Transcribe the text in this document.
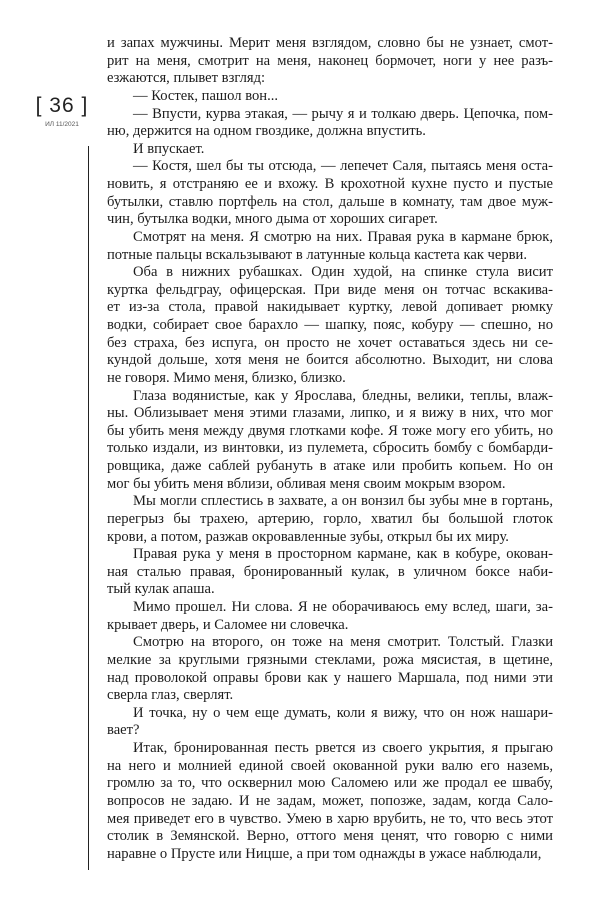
[ 36 ]
ИЛ 11/2021
и запах мужчины. Мерит меня взглядом, словно бы не узнает, смот-
рит на меня, смотрит на меня, наконец бормочет, ноги у нее разъ-
езжаются, плывет взгляд:
— Костек, пашол вон...
— Впусти, курва этакая, — рычу я и толкаю дверь. Цепочка, пом-
ню, держится на одном гвоздике, должна впустить.
И впускает.
— Костя, шел бы ты отсюда, — лепечет Саля, пытаясь меня оста-
новить, я отстраняю ее и вхожу. В крохотной кухне пусто и пустые
бутылки, ставлю портфель на стол, дальше в комнату, там двое муж-
чин, бутылка водки, много дыма от хороших сигарет.
Смотрят на меня. Я смотрю на них. Правая рука в кармане брюк,
потные пальцы вскальзывают в латунные кольца кастета как черви.
Оба в нижних рубашках. Один худой, на спинке стула висит
куртка фельдграу, офицерская. При виде меня он тотчас вскакива-
ет из-за стола, правой накидывает куртку, левой допивает рюмку
водки, собирает свое барахло — шапку, пояс, кобуру — спешно, но
без страха, без испуга, он просто не хочет оставаться здесь ни се-
кундой дольше, хотя меня не боится абсолютно. Выходит, ни слова
не говоря. Мимо меня, близко, близко.
Глаза водянистые, как у Ярослава, бледны, велики, теплы, влаж-
ны. Облизывает меня этими глазами, липко, и я вижу в них, что мог
бы убить меня между двумя глотками кофе. Я тоже могу его убить, но
только издали, из винтовки, из пулемета, сбросить бомбу с бомбарди-
ровщика, даже саблей рубануть в атаке или пробить копьем. Но он
мог бы убить меня вблизи, обливая меня своим мокрым взором.
Мы могли сплестись в захвате, а он вонзил бы зубы мне в гортань,
перегрыз бы трахею, артерию, горло, хватил бы большой глоток
крови, а потом, разжав окровавленные зубы, открыл бы их миру.
Правая рука у меня в просторном кармане, как в кобуре, окован-
ная сталью правая, бронированный кулак, в уличном боксе наби-
тый кулак апаша.
Мимо прошел. Ни слова. Я не оборачиваюсь ему вслед, шаги, за-
крывает дверь, и Саломее ни словечка.
Смотрю на второго, он тоже на меня смотрит. Толстый. Глазки
мелкие за круглыми грязными стеклами, рожа мясистая, в щетине,
над проволокой оправы брови как у нашего Маршала, под ними эти
сверла глаз, сверлят.
И точка, ну о чем еще думать, коли я вижу, что он нож нашари-
вает?
Итак, бронированная песть рвется из своего укрытия, я прыгаю
на него и молнией единой своей окованной руки валю его наземь,
громлю за то, что осквернил мою Саломею или же продал ее швабу,
вопросов не задаю. И не задам, может, попозже, задам, когда Сало-
мея приведет его в чувство. Умею в харю врубить, не то, что весь этот
столик в Земянской. Верно, оттого меня ценят, что говорю с ними
наравне о Прусте или Ницше, а при том однажды в ужасе наблюдали,
